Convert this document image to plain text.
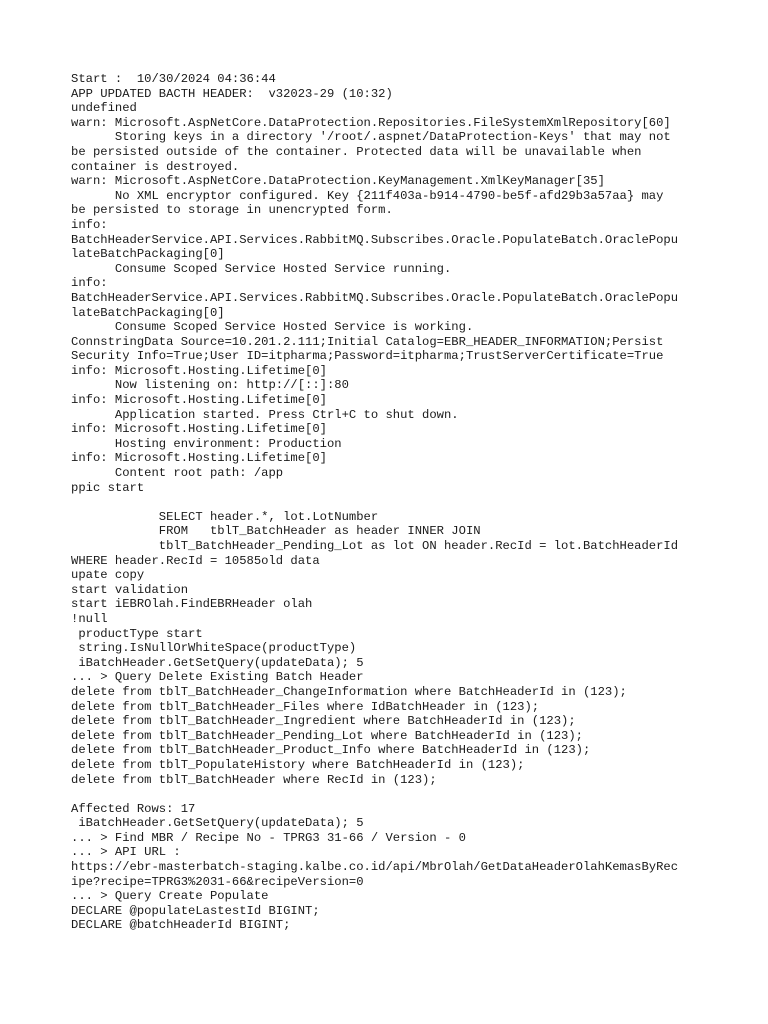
Start :  10/30/2024 04:36:44
APP UPDATED BACTH HEADER:  v32023-29 (10:32)
undefined
warn: Microsoft.AspNetCore.DataProtection.Repositories.FileSystemXmlRepository[60]
Storing keys in a directory '/root/.aspnet/DataProtection-Keys' that may not
be persisted outside of the container. Protected data will be unavailable when
container is destroyed.
warn: Microsoft.AspNetCore.DataProtection.KeyManagement.XmlKeyManager[35]
No XML encryptor configured. Key {211f403a-b914-4790-be5f-afd29b3a57aa} may
be persisted to storage in unencrypted form.
info:
BatchHeaderService.API.Services.RabbitMQ.Subscribes.Oracle.PopulateBatch.OraclePopu
lateBatchPackaging[0]
Consume Scoped Service Hosted Service running.
info:
BatchHeaderService.API.Services.RabbitMQ.Subscribes.Oracle.PopulateBatch.OraclePopu
lateBatchPackaging[0]
Consume Scoped Service Hosted Service is working.
ConnstringData Source=10.201.2.111;Initial Catalog=EBR_HEADER_INFORMATION;Persist
Security Info=True;User ID=itpharma;Password=itpharma;TrustServerCertificate=True
info: Microsoft.Hosting.Lifetime[0]
Now listening on: http://[::]:80
info: Microsoft.Hosting.Lifetime[0]
Application started. Press Ctrl+C to shut down.
info: Microsoft.Hosting.Lifetime[0]
Hosting environment: Production
info: Microsoft.Hosting.Lifetime[0]
Content root path: /app
ppic start
SELECT header.*, lot.LotNumber
FROM   tblT_BatchHeader as header INNER JOIN
tblT_BatchHeader_Pending_Lot as lot ON header.RecId = lot.BatchHeaderId
WHERE header.RecId = 10585old data
upate copy
start validation
start iEBROlah.FindEBRHeader olah
!null
productType start
string.IsNullOrWhiteSpace(productType)
iBatchHeader.GetSetQuery(updateData); 5
... > Query Delete Existing Batch Header
delete from tblT_BatchHeader_ChangeInformation where BatchHeaderId in (123);
delete from tblT_BatchHeader_Files where IdBatchHeader in (123);
delete from tblT_BatchHeader_Ingredient where BatchHeaderId in (123);
delete from tblT_BatchHeader_Pending_Lot where BatchHeaderId in (123);
delete from tblT_BatchHeader_Product_Info where BatchHeaderId in (123);
delete from tblT_PopulateHistory where BatchHeaderId in (123);
delete from tblT_BatchHeader where RecId in (123);
Affected Rows: 17
iBatchHeader.GetSetQuery(updateData); 5
... > Find MBR / Recipe No - TPRG3 31-66 / Version - 0
... > API URL :
https://ebr-masterbatch-staging.kalbe.co.id/api/MbrOlah/GetDataHeaderOlahKemasByRec
ipe?recipe=TPRG3%2031-66&recipeVersion=0
... > Query Create Populate
DECLARE @populateLastestId BIGINT;
DECLARE @batchHeaderId BIGINT;
